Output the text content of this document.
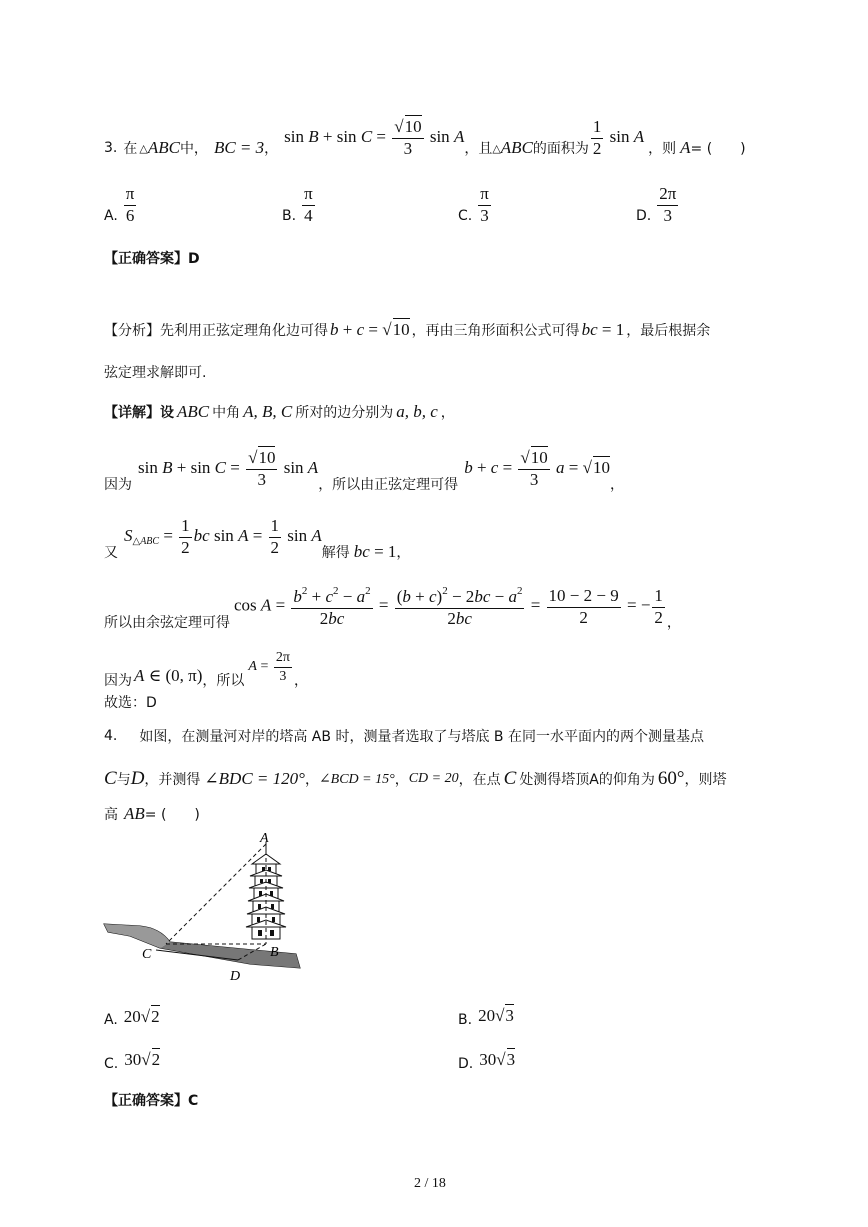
3. 在 △ ABC 中， BC = 3 ，
$\sin B + \sin C = \frac{√10}{3}$ sin A
，且 △ ABC 的面积为 $\frac{1}{2}$ sin A
，则 A = (　　)
A. $\frac{\pi}{6}$	B. $\frac{\pi}{4}$	C. $\frac{\pi}{3}$	D. $\frac{2\pi}{3}$
【正确答案】D
【分析】先利用正弦定理角化边可得 b + c = √10 ，再由三角形面积公式可得 bc = 1 ，最后根据余
弦定理求解即可.
【详解】设 ABC 中角 A, B, C 所对的边分别为 a, b, c ，
因为
$\sin B + \sin C = \frac{√10}{3}$ sin A
，所以由正弦定理可得
$b + c = \frac{√10}{3}$ a = √10
，
又
$S_{\triangle ABC} = \frac{1}{2}$ bc $\sin A = \frac{1}{2}$ sin A
解得 bc = 1 ，
所以由余弦定理可得
$\cos A = \frac{b^2 + c^2 - a^2}{2bc} = \frac{(b + c)^2 - 2bc - a^2}{2bc} = \frac{10 - 2 - 9}{2}$ = − $\frac{1}{2}$ ，
因为 A ∈ (0, π) ，所以
$A = \frac{2\pi}{3}$ ，
故选：D
4. 如图，在测量河对岸的塔高 AB 时，测量者选取了与塔底 B 在同一水平面内的两个测量基点
C 与 D ，并测得 ∠BDC = 120° ， ∠BCD = 15° ， CD = 20 ，在点 C 处测得塔顶A的仰角为 60° ，则塔
高 AB = (　　)
A
B
C
D
A. 20√2	B. 20√3
C. 30√2	D. 30√3
【正确答案】C
2 / 18
